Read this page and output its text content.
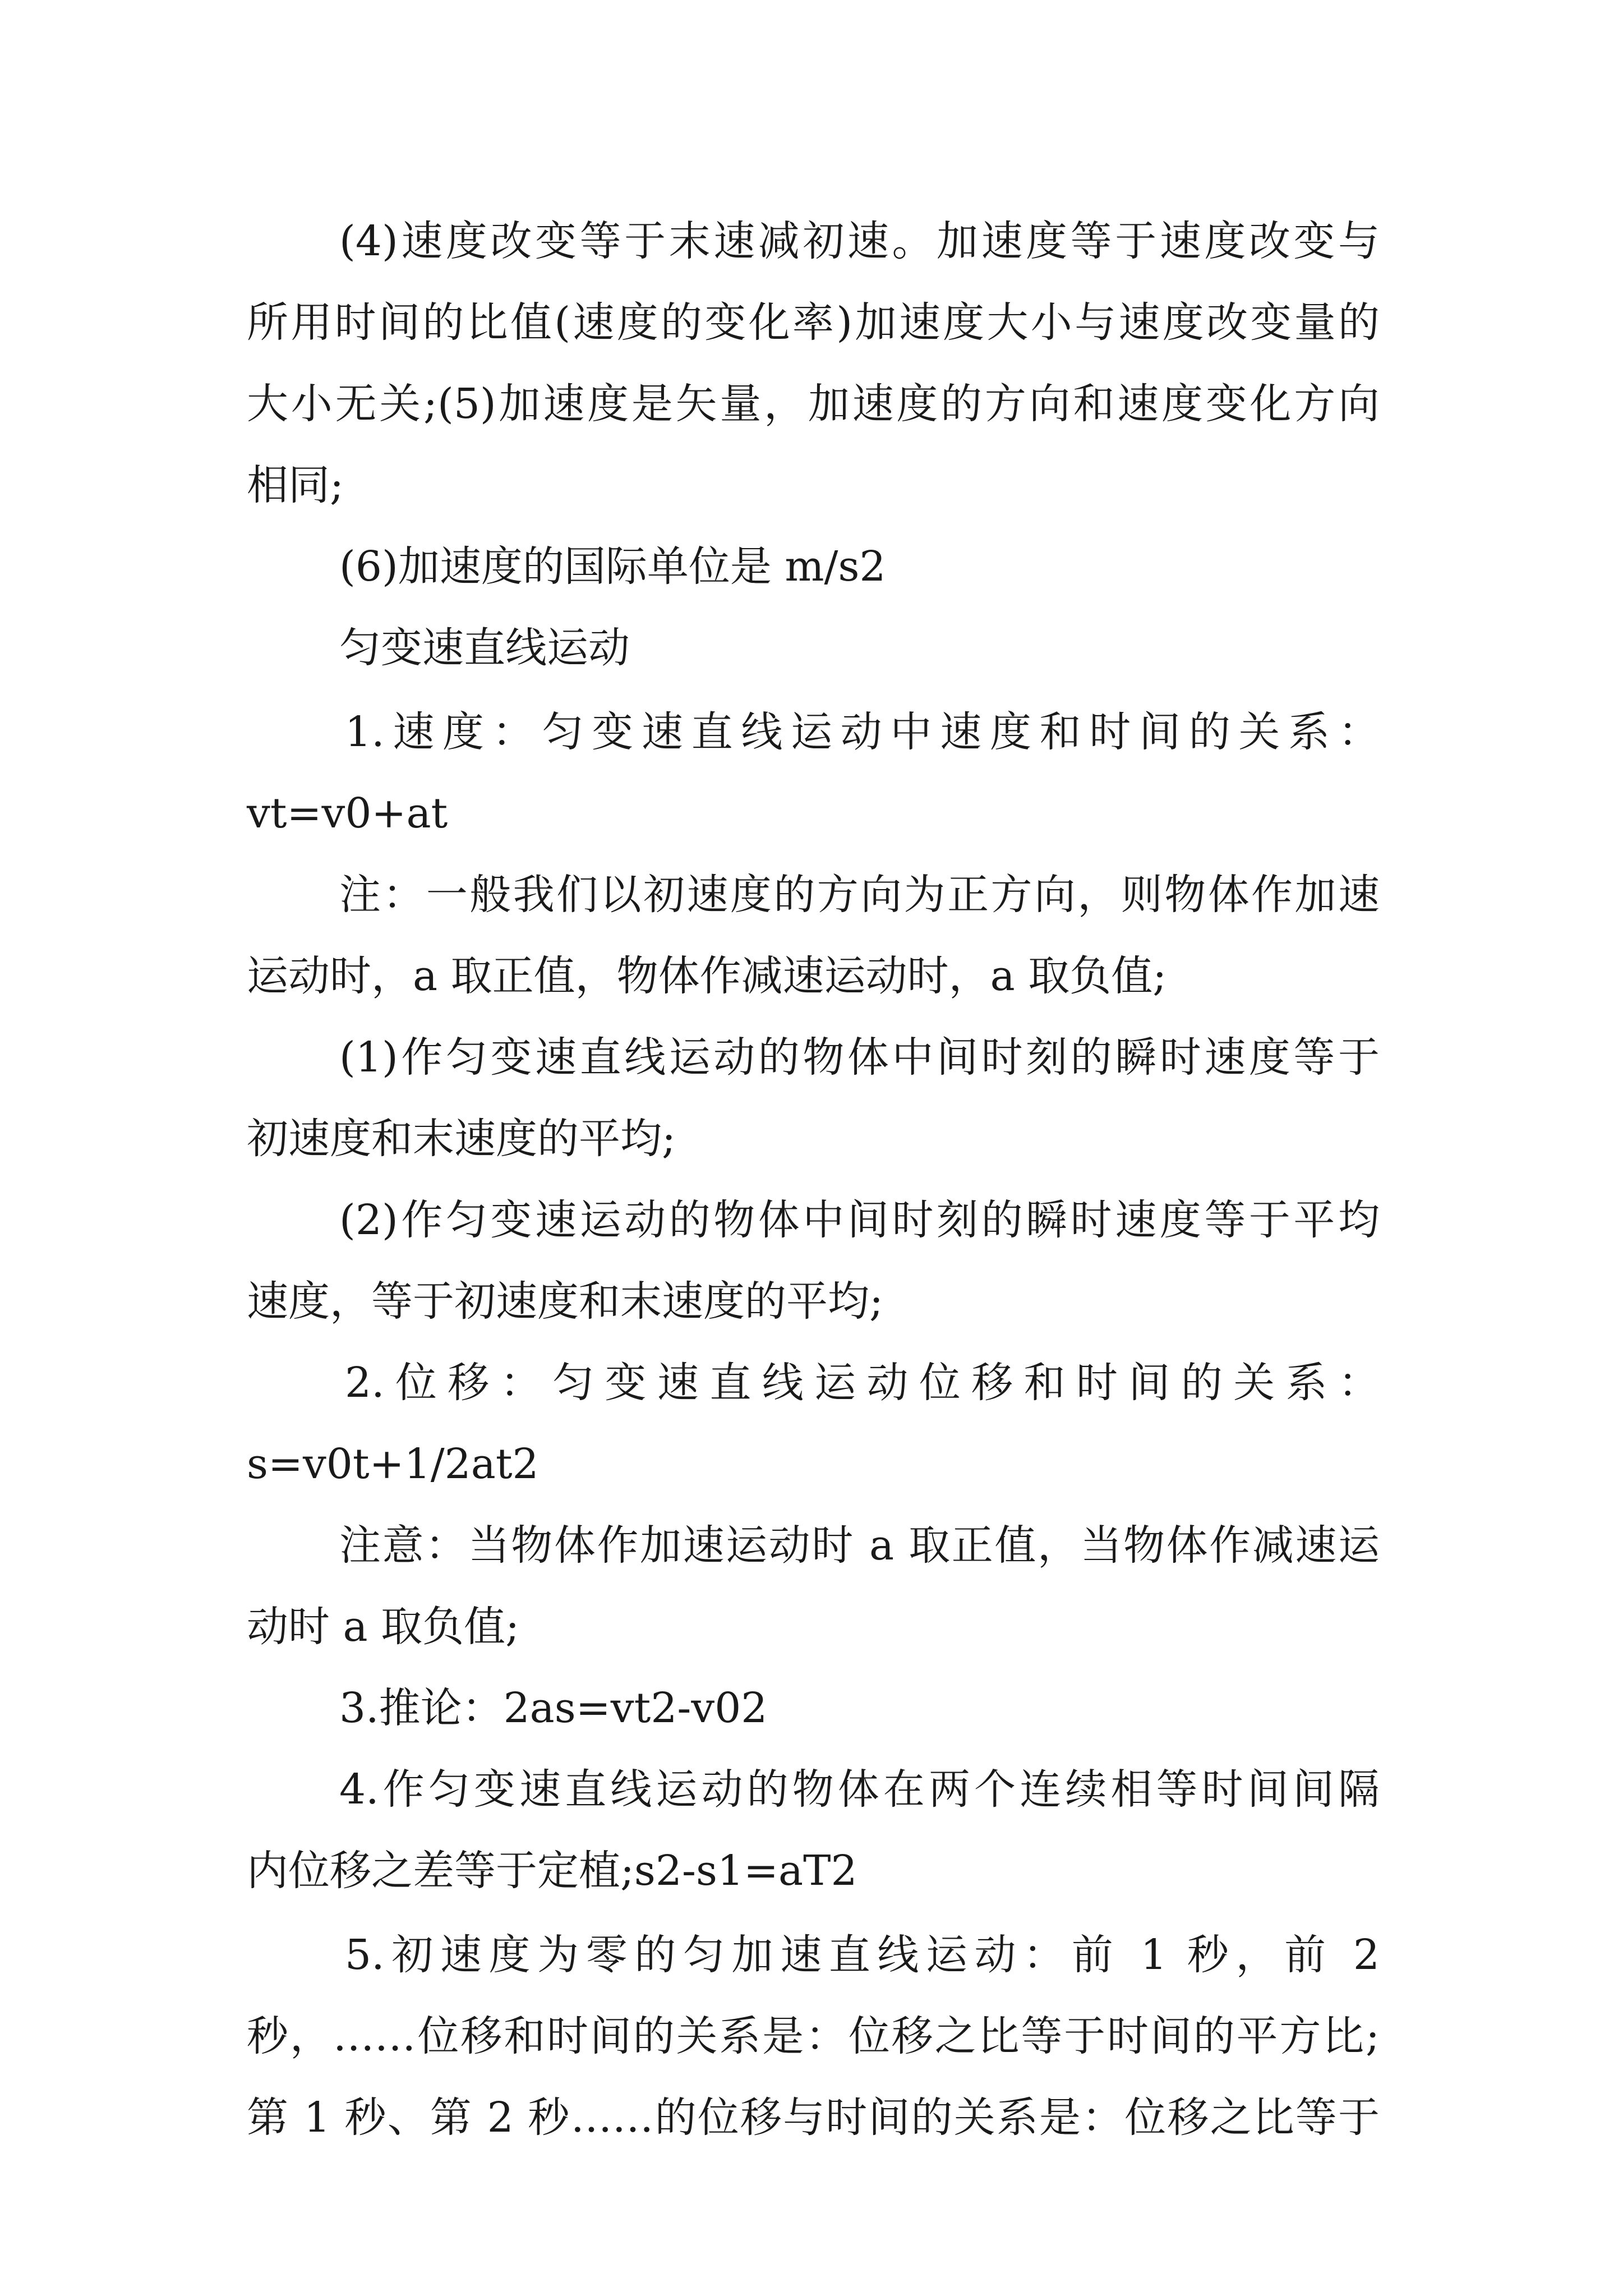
(4)速度改变等于末速减初速。加速度等于速度改变与
所用时间的比值(速度的变化率)加速度大小与速度改变量的
大小无关;(5)加速度是矢量，加速度的方向和速度变化方向
相同;
(6)加速度的国际单位是 m/s2
匀变速直线运动
1.速度：匀变速直线运动中速度和时间的关系：
vt=v0+at
注：一般我们以初速度的方向为正方向，则物体作加速
运动时，a 取正值，物体作减速运动时，a 取负值;
(1)作匀变速直线运动的物体中间时刻的瞬时速度等于
初速度和末速度的平均;
(2)作匀变速运动的物体中间时刻的瞬时速度等于平均
速度，等于初速度和末速度的平均;
2.位移：匀变速直线运动位移和时间的关系：
s=v0t+1/2at2
注意：当物体作加速运动时 a 取正值，当物体作减速运
动时 a 取负值;
3.推论：2as=vt2-v02
4.作匀变速直线运动的物体在两个连续相等时间间隔
内位移之差等于定植;s2-s1=aT2
5.初速度为零的匀加速直线运动：前 1 秒，前 2
秒，……位移和时间的关系是：位移之比等于时间的平方比;
第 1 秒、第 2 秒……的位移与时间的关系是：位移之比等于
